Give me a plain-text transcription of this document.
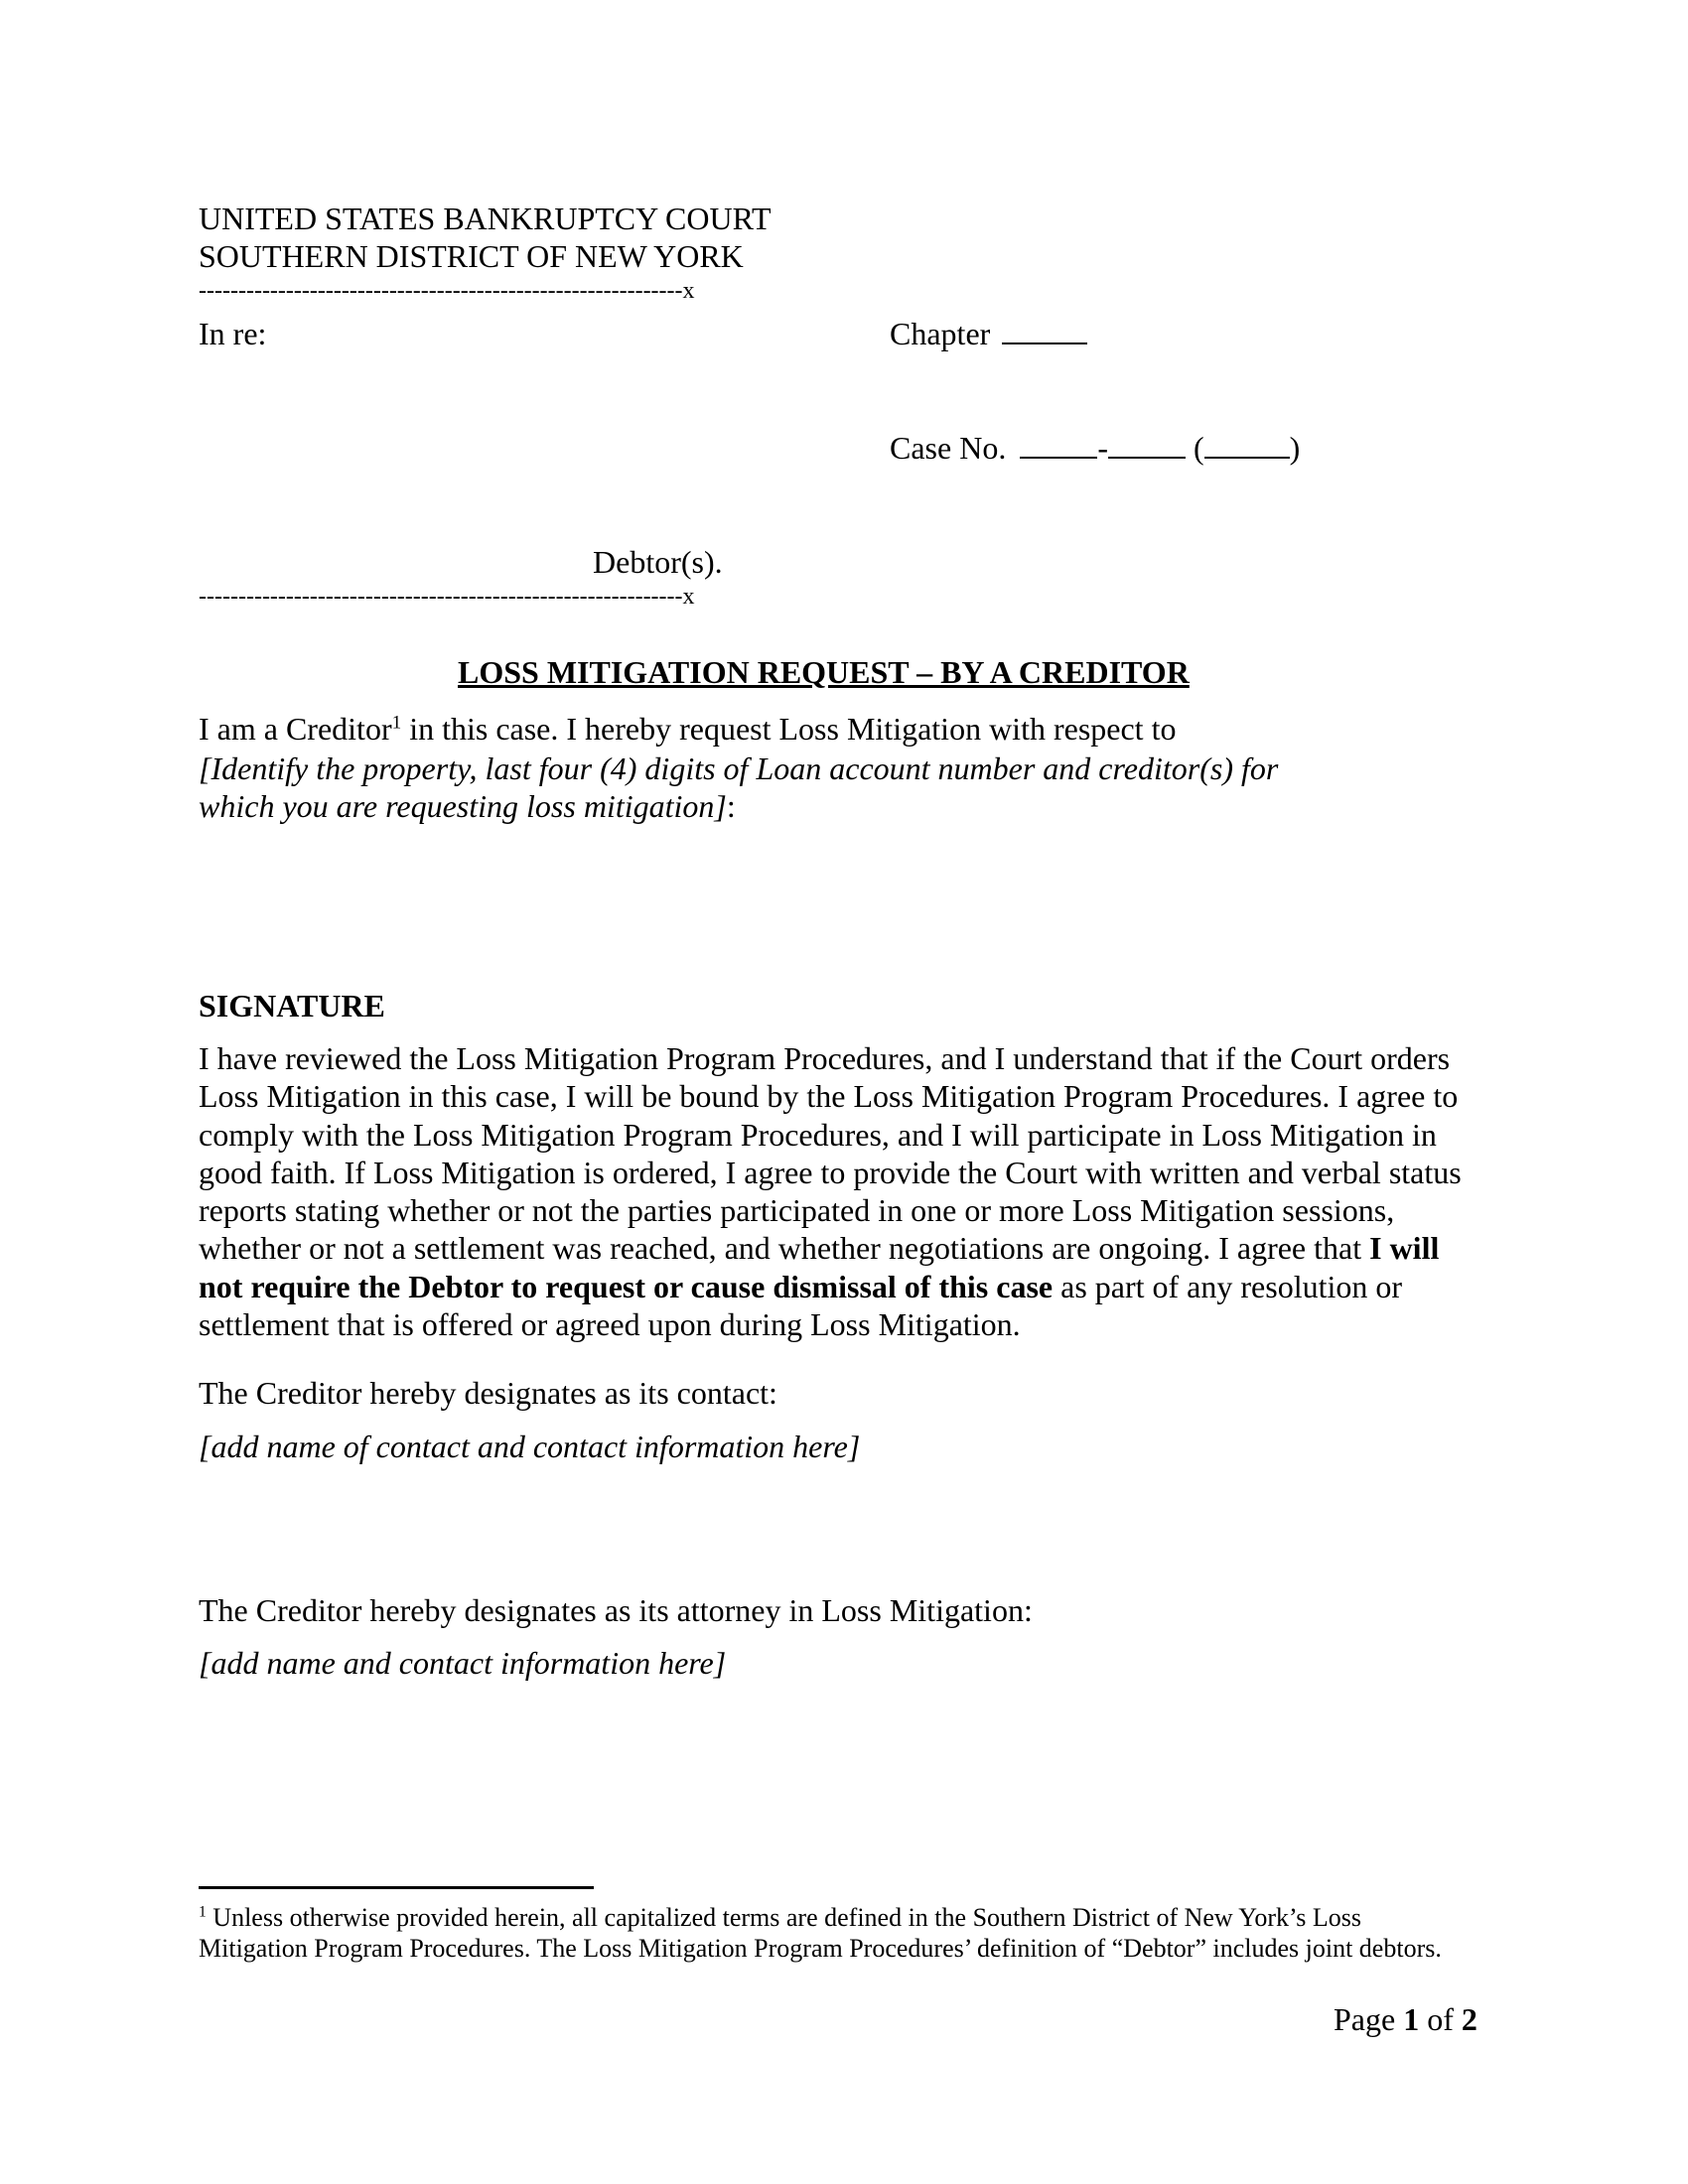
UNITED STATES BANKRUPTCY COURT
SOUTHERN DISTRICT OF NEW YORK
-------------------------------------------------------------x
In re:	Chapter
Case No.	-	(	)
Debtor(s).
-------------------------------------------------------------x
LOSS MITIGATION REQUEST – BY A CREDITOR
I am a Creditor$^1$ in this case. I hereby request Loss Mitigation with respect to
[Identify the property, last four (4) digits of Loan account number and creditor(s) for
which you are requesting loss mitigation]:
SIGNATURE
I have reviewed the Loss Mitigation Program Procedures, and I understand that if the Court orders Loss Mitigation in this case, I will be bound by the Loss Mitigation Program Procedures. I agree to comply with the Loss Mitigation Program Procedures, and I will participate in Loss Mitigation in good faith. If Loss Mitigation is ordered, I agree to provide the Court with written and verbal status reports stating whether or not the parties participated in one or more Loss Mitigation sessions, whether or not a settlement was reached, and whether negotiations are ongoing. I agree that I will not require the Debtor to request or cause dismissal of this case as part of any resolution or settlement that is offered or agreed upon during Loss Mitigation.
The Creditor hereby designates as its contact:
[add name of contact and contact information here]
The Creditor hereby designates as its attorney in Loss Mitigation:
[add name and contact information here]
$^1$ Unless otherwise provided herein, all capitalized terms are defined in the Southern District of New York’s Loss Mitigation Program Procedures. The Loss Mitigation Program Procedures’ definition of “Debtor” includes joint debtors.
Page 1 of 2
